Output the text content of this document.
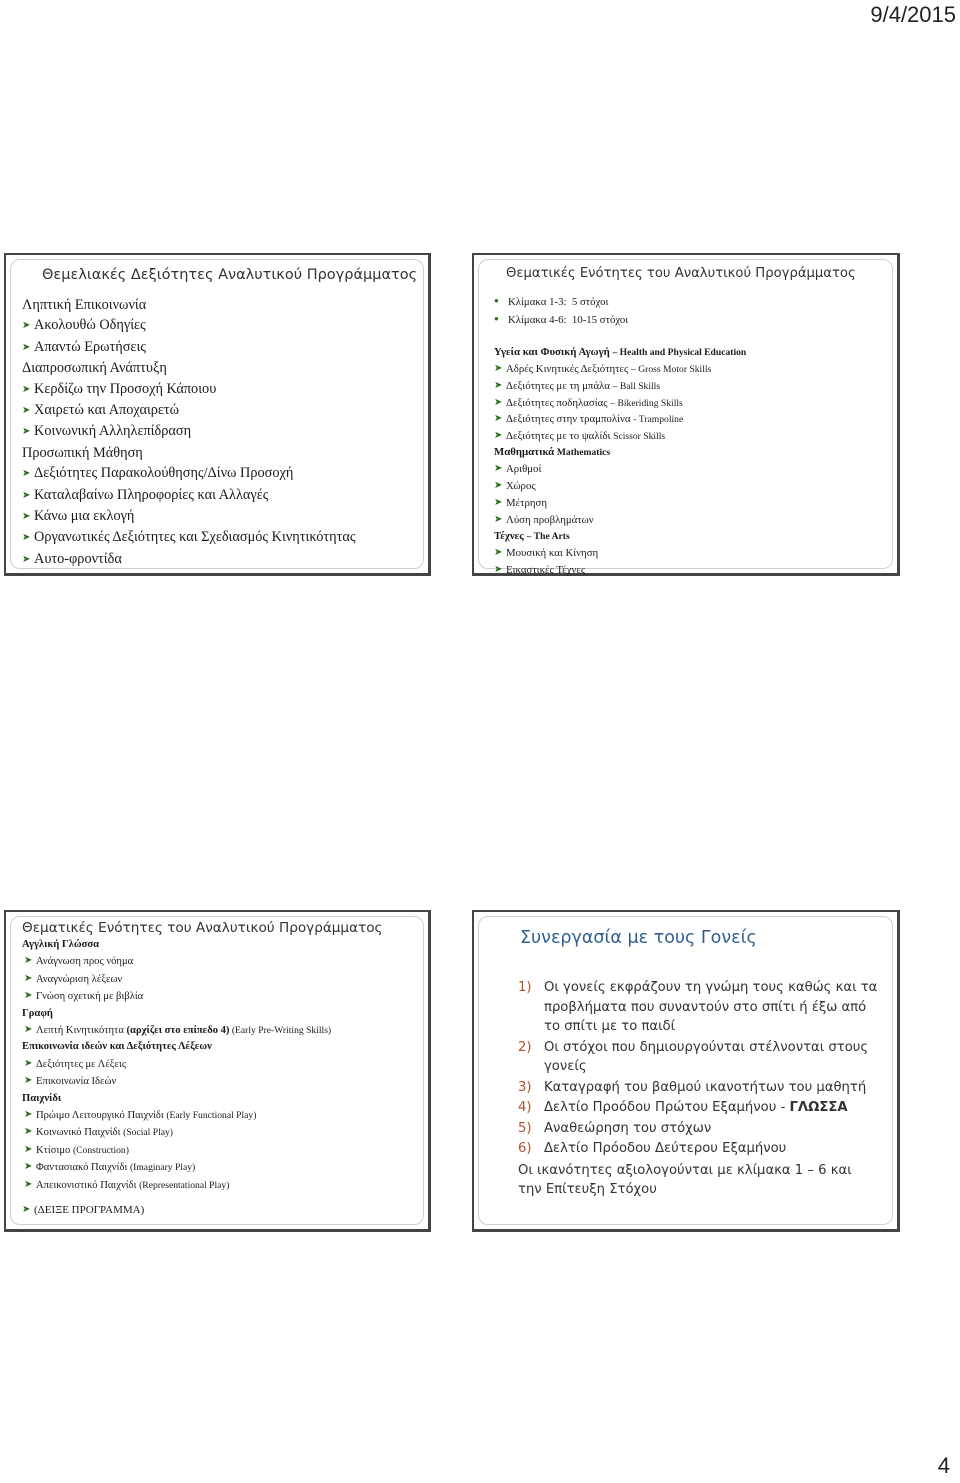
9/4/2015
Θεμελιακές Δεξιότητες Αναλυτικού Προγράμματος
Ληπτική Επικοινωνία
➤ Ακολουθώ Οδηγίες
➤ Απαντώ Ερωτήσεις
Διαπροσωπική Ανάπτυξη
➤ Κερδίζω την Προσοχή Κάποιου
➤ Χαιρετώ και Αποχαιρετώ
➤ Κοινωνική Αλληλεπίδραση
Προσωπική Μάθηση
➤ Δεξιότητες Παρακολούθησης/Δίνω Προσοχή
➤ Καταλαβαίνω Πληροφορίες και Αλλαγές
➤ Κάνω μια εκλογή
➤ Οργανωτικές Δεξιότητες και Σχεδιασμός Κινητικότητας
➤ Αυτο-φροντίδα
Θεματικές Ενότητες του Αναλυτικού Προγράμματος
● Κλίμακα 1-3: 5 στόχοι
● Κλίμακα 4-6: 10-15 στόχοι
Υγεία και Φυσική Αγωγή – Health and Physical Education
➤ Αδρές Κινητικές Δεξιότητες – Gross Motor Skills
➤ Δεξιότητες με τη μπάλα – Ball Skills
➤ Δεξιότητες ποδηλασίας – Bikeriding Skills
➤ Δεξιότητες στην τραμπολίνα - Trampoline
➤ Δεξιότητες με το ψαλίδι Scissor Skills
Μαθηματικά Mathematics
➤ Αριθμοί
➤ Χώρος
➤ Μέτρηση
➤ Λύση προβλημάτων
Τέχνες – The Arts
➤ Μουσική και Κίνηση
➤ Εικαστικές Τέχνες
Θεματικές Ενότητες του Αναλυτικού Προγράμματος
Αγγλική Γλώσσα
➤ Ανάγνωση προς νόημα
➤ Αναγνώριση λέξεων
➤ Γνώση σχετική με βιβλία
Γραφή
➤ Λεπτή Κινητικότητα (αρχίζει στο επίπεδο 4) (Early Pre-Writing Skills)
Επικοινωνία ιδεών και Δεξιότητες Λέξεων
➤ Δεξιότητες με Λέξεις
➤ Επικοινωνία Ιδεών
Παιχνίδι
➤ Πρώιμο Λειτουργικό Παιχνίδι (Early Functional Play)
➤ Κοινωνικό Παιχνίδι (Social Play)
➤ Κτίσιμο (Construction)
➤ Φαντασιακό Παιχνίδι (Imaginary Play)
➤ Απεικονιστικό Παιχνίδι (Representational Play)
➤ (ΔΕΙΞΕ ΠΡΟΓΡΑΜΜΑ)
Συνεργασία με τους Γονείς
1) Οι γονείς εκφράζουν τη γνώμη τους καθώς και τα προβλήματα που συναντούν στο σπίτι ή έξω από το σπίτι με το παιδί
2) Οι στόχοι που δημιουργούνται στέλνονται στους γονείς
3) Καταγραφή του βαθμού ικανοτήτων του μαθητή
4) Δελτίο Προόδου Πρώτου Εξαμήνου - ΓΛΩΣΣΑ
5) Αναθεώρηση του στόχων
6) Δελτίο Πρόοδου Δεύτερου Εξαμήνου
Οι ικανότητες αξιολογούνται με κλίμακα 1 – 6 και την Επίτευξη Στόχου
4
